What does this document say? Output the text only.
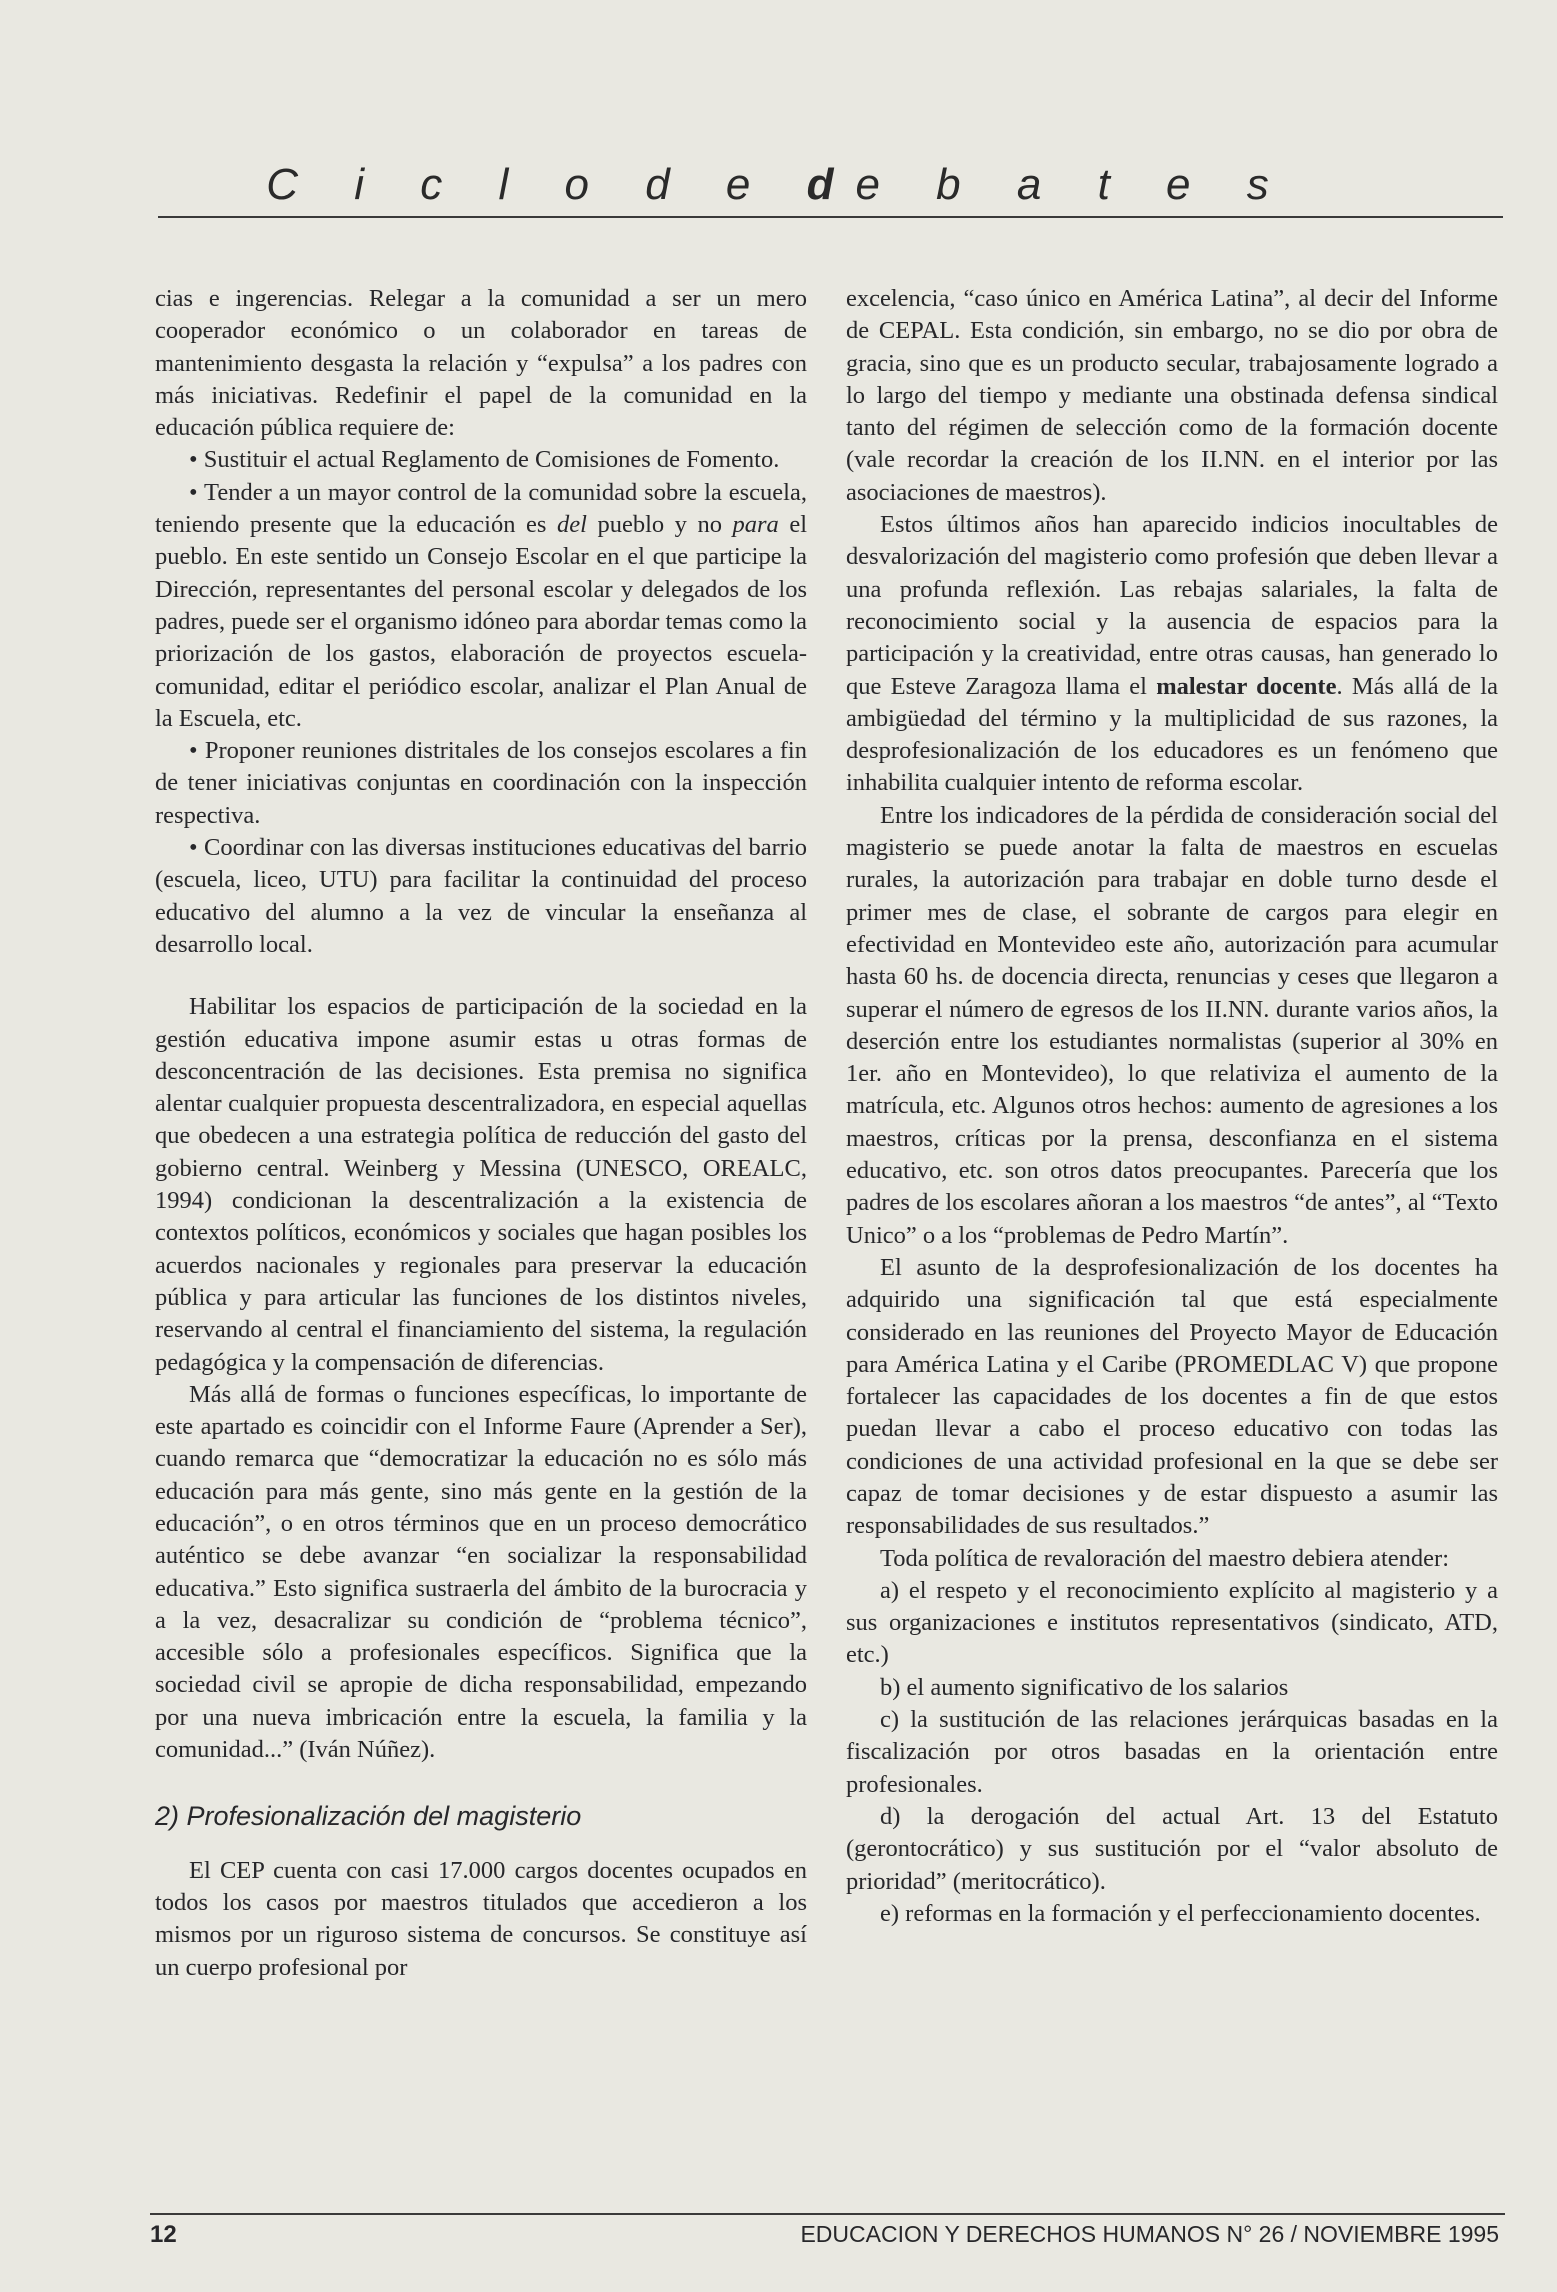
C i c l o d e de b a t e s

cias e ingerencias. Relegar a la comunidad a ser un mero cooperador económico o un colaborador en tareas de mantenimiento desgasta la relación y “expulsa” a los padres con más iniciativas. Redefinir el papel de la comunidad en la educación pública requiere de:

• Sustituir el actual Reglamento de Comisiones de Fomento.

• Tender a un mayor control de la comunidad sobre la escuela, teniendo presente que la educación es del pueblo y no para el pueblo. En este sentido un Consejo Escolar en el que participe la Dirección, representantes del personal escolar y delegados de los padres, puede ser el organismo idóneo para abordar temas como la priorización de los gastos, elaboración de proyectos escuela-comunidad, editar el periódico escolar, analizar el Plan Anual de la Escuela, etc.

• Proponer reuniones distritales de los consejos escolares a fin de tener iniciativas conjuntas en coordinación con la inspección respectiva.

• Coordinar con las diversas instituciones educativas del barrio (escuela, liceo, UTU) para facilitar la continuidad del proceso educativo del alumno a la vez de vincular la enseñanza al desarrollo local.

Habilitar los espacios de participación de la sociedad en la gestión educativa impone asumir estas u otras formas de desconcentración de las decisiones. Esta premisa no significa alentar cualquier propuesta descentralizadora, en especial aquellas que obedecen a una estrategia política de reducción del gasto del gobierno central. Weinberg y Messina (UNESCO, OREALC, 1994) condicionan la descentralización a la existencia de contextos políticos, económicos y sociales que hagan posibles los acuerdos nacionales y regionales para preservar la educación pública y para articular las funciones de los distintos niveles, reservando al central el financiamiento del sistema, la regulación pedagógica y la compensación de diferencias.

Más allá de formas o funciones específicas, lo importante de este apartado es coincidir con el Informe Faure (Aprender a Ser), cuando remarca que “democratizar la educación no es sólo más educación para más gente, sino más gente en la gestión de la educación”, o en otros términos que en un proceso democrático auténtico se debe avanzar “en socializar la responsabilidad educativa.” Esto significa sustraerla del ámbito de la burocracia y a la vez, desacralizar su condición de “problema técnico”, accesible sólo a profesionales específicos. Significa que la sociedad civil se apropie de dicha responsabilidad, empezando por una nueva imbricación entre la escuela, la familia y la comunidad...” (Iván Núñez).

2) Profesionalización del magisterio

El CEP cuenta con casi 17.000 cargos docentes ocupados en todos los casos por maestros titulados que accedieron a los mismos por un riguroso sistema de concursos. Se constituye así un cuerpo profesional por

excelencia, “caso único en América Latina”, al decir del Informe de CEPAL. Esta condición, sin embargo, no se dio por obra de gracia, sino que es un producto secular, trabajosamente logrado a lo largo del tiempo y mediante una obstinada defensa sindical tanto del régimen de selección como de la formación docente (vale recordar la creación de los II.NN. en el interior por las asociaciones de maestros).

Estos últimos años han aparecido indicios inocultables de desvalorización del magisterio como profesión que deben llevar a una profunda reflexión. Las rebajas salariales, la falta de reconocimiento social y la ausencia de espacios para la participación y la creatividad, entre otras causas, han generado lo que Esteve Zaragoza llama el malestar docente. Más allá de la ambigüedad del término y la multiplicidad de sus razones, la desprofesionalización de los educadores es un fenómeno que inhabilita cualquier intento de reforma escolar.

Entre los indicadores de la pérdida de consideración social del magisterio se puede anotar la falta de maestros en escuelas rurales, la autorización para trabajar en doble turno desde el primer mes de clase, el sobrante de cargos para elegir en efectividad en Montevideo este año, autorización para acumular hasta 60 hs. de docencia directa, renuncias y ceses que llegaron a superar el número de egresos de los II.NN. durante varios años, la deserción entre los estudiantes normalistas (superior al 30% en 1er. año en Montevideo), lo que relativiza el aumento de la matrícula, etc. Algunos otros hechos: aumento de agresiones a los maestros, críticas por la prensa, desconfianza en el sistema educativo, etc. son otros datos preocupantes. Parecería que los padres de los escolares añoran a los maestros “de antes”, al “Texto Unico” o a los “problemas de Pedro Martín”.

El asunto de la desprofesionalización de los docentes ha adquirido una significación tal que está especialmente considerado en las reuniones del Proyecto Mayor de Educación para América Latina y el Caribe (PROMEDLAC V) que propone fortalecer las capacidades de los docentes a fin de que estos puedan llevar a cabo el proceso educativo con todas las condiciones de una actividad profesional en la que se debe ser capaz de tomar decisiones y de estar dispuesto a asumir las responsabilidades de sus resultados.”

Toda política de revaloración del maestro debiera atender:

a) el respeto y el reconocimiento explícito al magisterio y a sus organizaciones e institutos representativos (sindicato, ATD, etc.)

b) el aumento significativo de los salarios

c) la sustitución de las relaciones jerárquicas basadas en la fiscalización por otros basadas en la orientación entre profesionales.

d) la derogación del actual Art. 13 del Estatuto (gerontocrático) y sus sustitución por el “valor absoluto de prioridad” (meritocrático).

e) reformas en la formación y el perfeccionamiento docentes.

12	EDUCACION Y DERECHOS HUMANOS N° 26 / NOVIEMBRE 1995
